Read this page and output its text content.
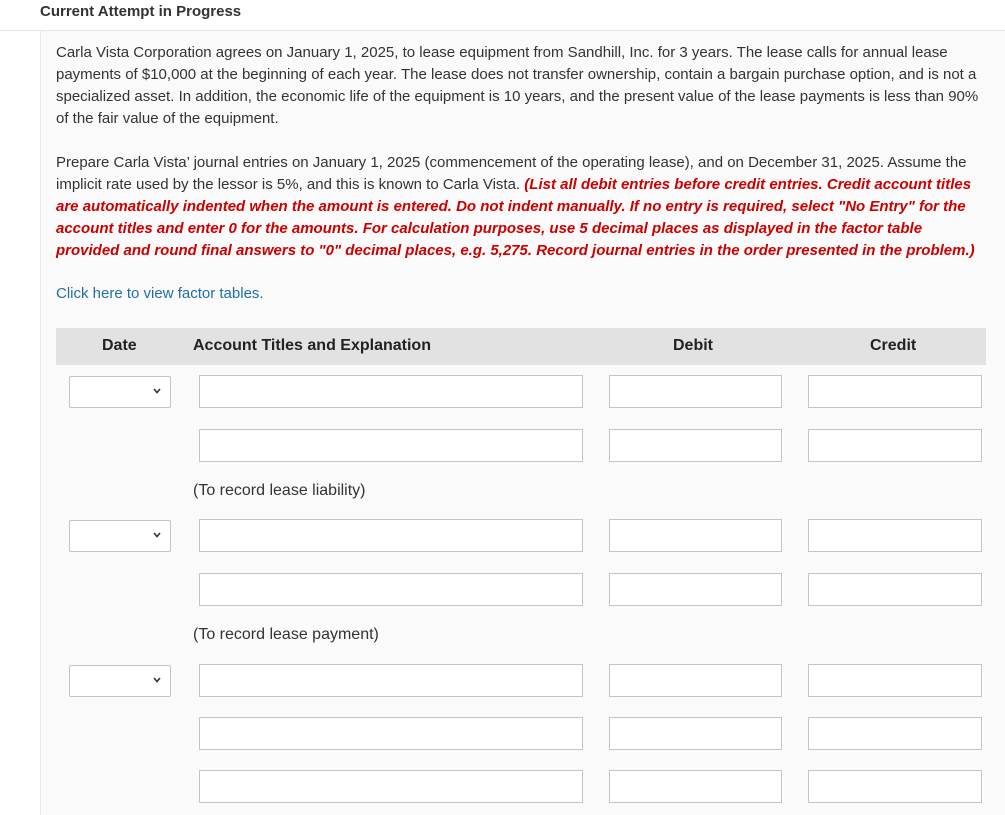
Current Attempt in Progress
Carla Vista Corporation agrees on January 1, 2025, to lease equipment from Sandhill, Inc. for 3 years. The lease calls for annual lease payments of $10,000 at the beginning of each year. The lease does not transfer ownership, contain a bargain purchase option, and is not a specialized asset. In addition, the economic life of the equipment is 10 years, and the present value of the lease payments is less than 90% of the fair value of the equipment.
Prepare Carla Vista’ journal entries on January 1, 2025 (commencement of the operating lease), and on December 31, 2025. Assume the implicit rate used by the lessor is 5%, and this is known to Carla Vista. (List all debit entries before credit entries. Credit account titles are automatically indented when the amount is entered. Do not indent manually. If no entry is required, select "No Entry" for the account titles and enter 0 for the amounts. For calculation purposes, use 5 decimal places as displayed in the factor table provided and round final answers to "0" decimal places, e.g. 5,275. Record journal entries in the order presented in the problem.)
Click here to view factor tables.
Date	Account Titles and Explanation	Debit	Credit
(To record lease liability)
(To record lease payment)
